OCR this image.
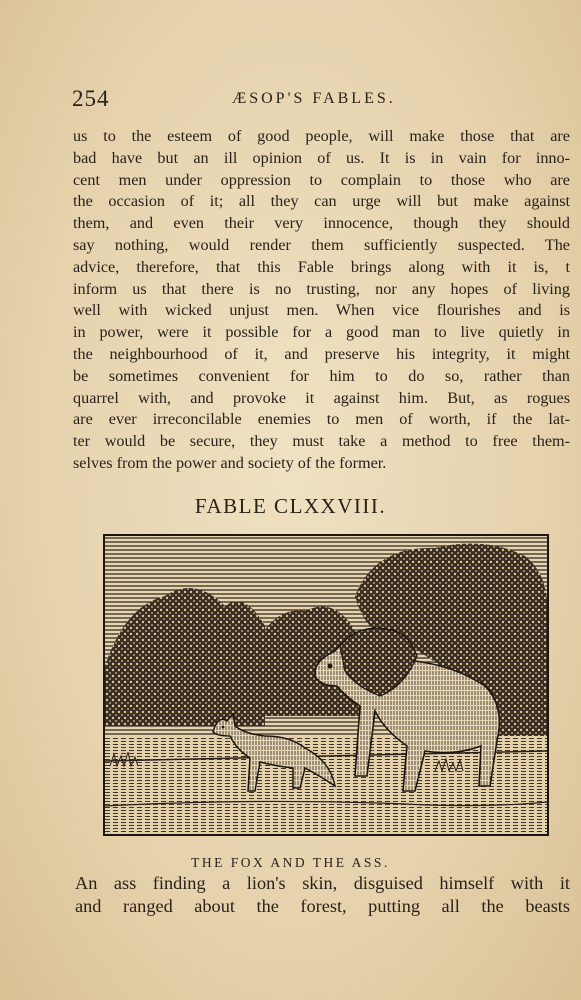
254	ÆSOP'S FABLES.
us to the esteem of good people, will make those that are
bad have but an ill opinion of us. It is in vain for inno-
cent men under oppression to complain to those who are
the occasion of it; all they can urge will but make against
them, and even their very innocence, though they should
say nothing, would render them sufficiently suspected. The
advice, therefore, that this Fable brings along with it is, t
inform us that there is no trusting, nor any hopes of living
well with wicked unjust men. When vice flourishes and is
in power, were it possible for a good man to live quietly in
the neighbourhood of it, and preserve his integrity, it might
be sometimes convenient for him to do so, rather than
quarrel with, and provoke it against him. But, as rogues
are ever irreconcilable enemies to men of worth, if the lat-
ter would be secure, they must take a method to free them-
selves from the power and society of the former.
FABLE CLXXVIII.
THE FOX AND THE ASS.
An ass finding a lion's skin, disguised himself with it
and ranged about the forest, putting all the beasts
